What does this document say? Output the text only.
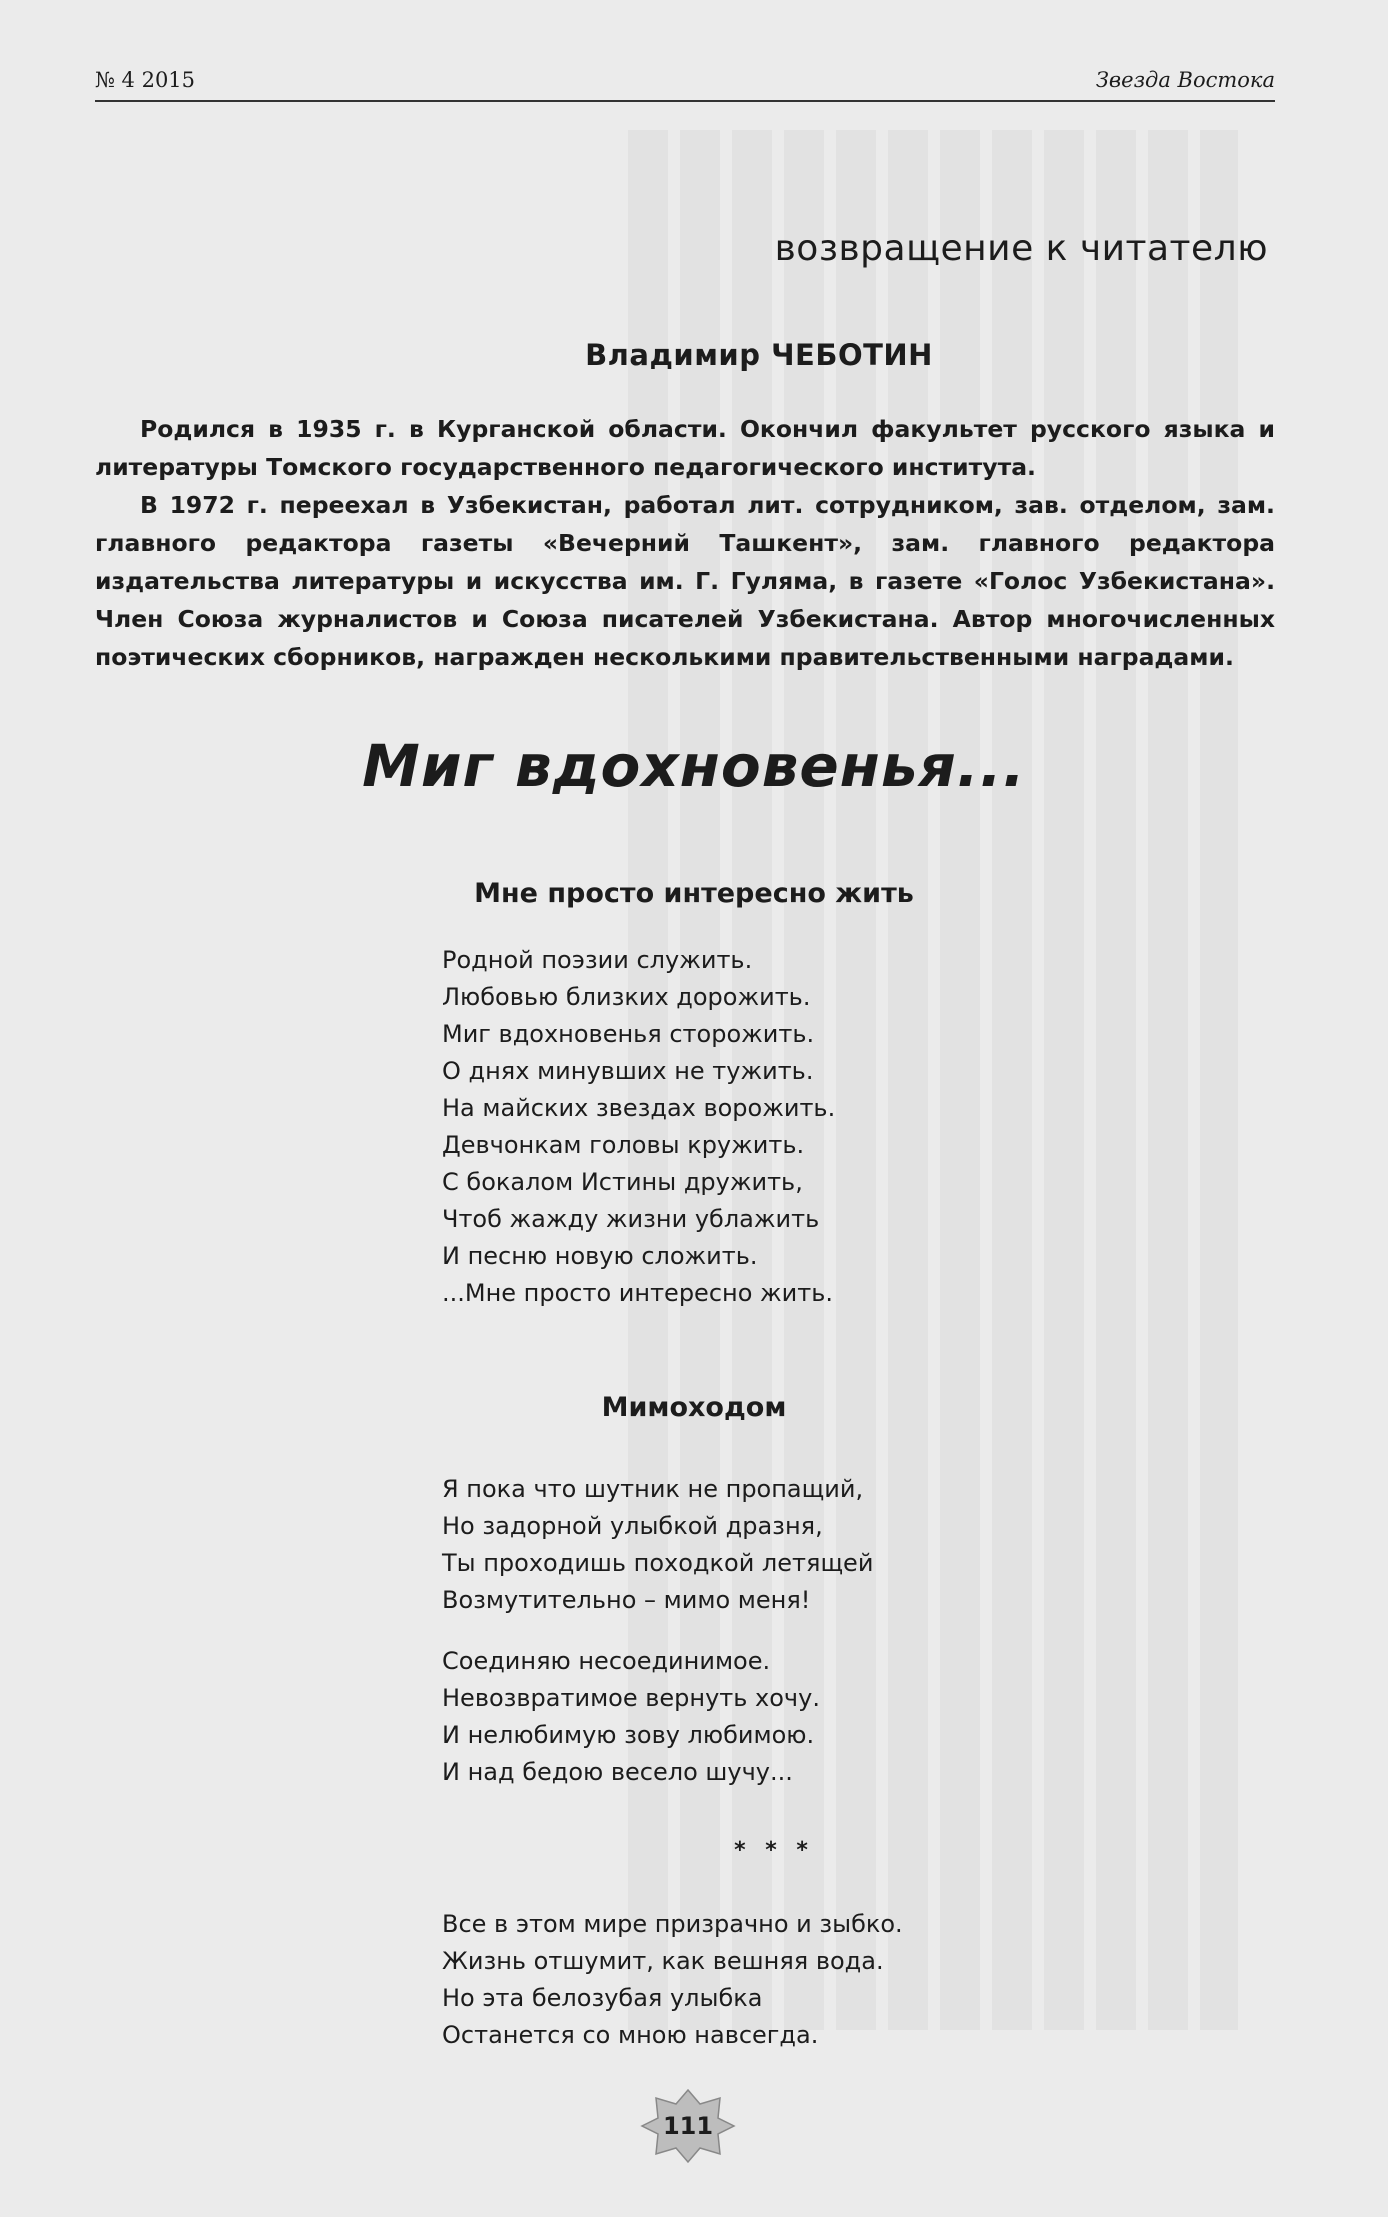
№ 4 2015	Звезда Востока
возвращение к читателю
Владимир ЧЕБОТИН

Родился в 1935 г. в Курганской области. Окончил факультет русского языка и литературы Томского государственного педагогического института.

В 1972 г. переехал в Узбекистан, работал лит. сотрудником, зав. отделом, зам. главного редактора газеты «Вечерний Ташкент», зам. главного редактора издательства литературы и искусства им. Г. Гуляма, в газете «Голос Узбекистана». Член Союза журналистов и Союза писателей Узбекистана. Автор многочисленных поэтических сборников, награжден несколькими правительственными наградами.

Миг вдохновенья...
Мне просто интересно жить
Родной поэзии служить.
Любовью близких дорожить.
Миг вдохновенья сторожить.
О днях минувших не тужить.
На майских звездах ворожить.
Девчонкам головы кружить.
С бокалом Истины дружить,
Чтоб жажду жизни ублажить
И песню новую сложить.
...Мне просто интересно жить.
Мимоходом
Я пока что шутник не пропащий,
Но задорной улыбкой дразня,
Ты проходишь походкой летящей
Возмутительно – мимо меня!
Соединяю несоединимое.
Невозвратимое вернуть хочу.
И нелюбимую зову любимою.
И над бедою весело шучу...
* * *
Все в этом мире призрачно и зыбко.
Жизнь отшумит, как вешняя вода.
Но эта белозубая улыбка
Останется со мною навсегда.
111
